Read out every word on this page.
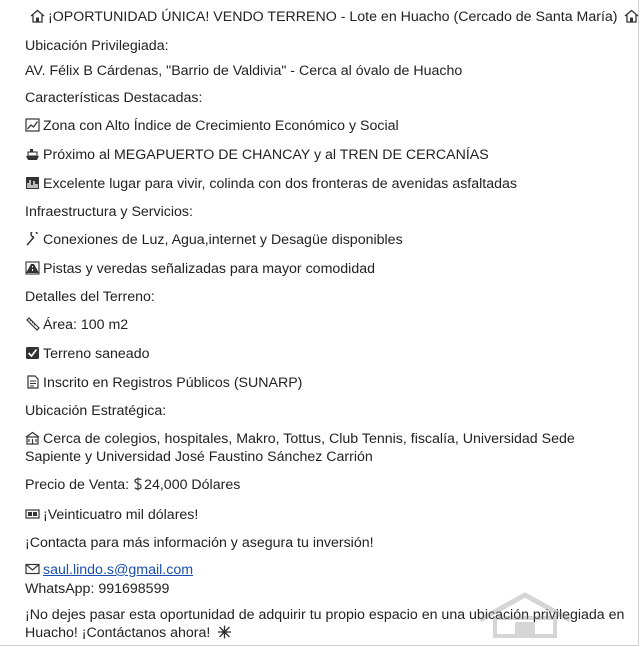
¡OPORTUNIDAD ÚNICA! VENDO TERRENO - Lote en Huacho (Cercado de Santa María)
Ubicación Privilegiada:
AV. Félix B Cárdenas, "Barrio de Valdivia" - Cerca al óvalo de Huacho
Características Destacadas:
Zona con Alto Índice de Crecimiento Económico y Social
Próximo al MEGAPUERTO DE CHANCAY y al TREN DE CERCANÍAS
Excelente lugar para vivir, colinda con dos fronteras de avenidas asfaltadas
Infraestructura y Servicios:
Conexiones de Luz, Agua,internet y Desagüe disponibles
Pistas y veredas señalizadas para mayor comodidad
Detalles del Terreno:
Área: 100 m2
Terreno saneado
Inscrito en Registros Públicos (SUNARP)
Ubicación Estratégica:
Cerca de colegios, hospitales, Makro, Tottus, Club Tennis, fiscalía, Universidad Sede Sapiente y Universidad José Faustino Sánchez Carrión
Precio de Venta: 24,000 Dólares
¡Veinticuatro mil dólares!
¡Contacta para más información y asegura tu inversión!
saul.lindo.s@gmail.com
WhatsApp: 991698599
¡No dejes pasar esta oportunidad de adquirir tu propio espacio en una ubicación privilegiada en Huacho! ¡Contáctanos ahora!
